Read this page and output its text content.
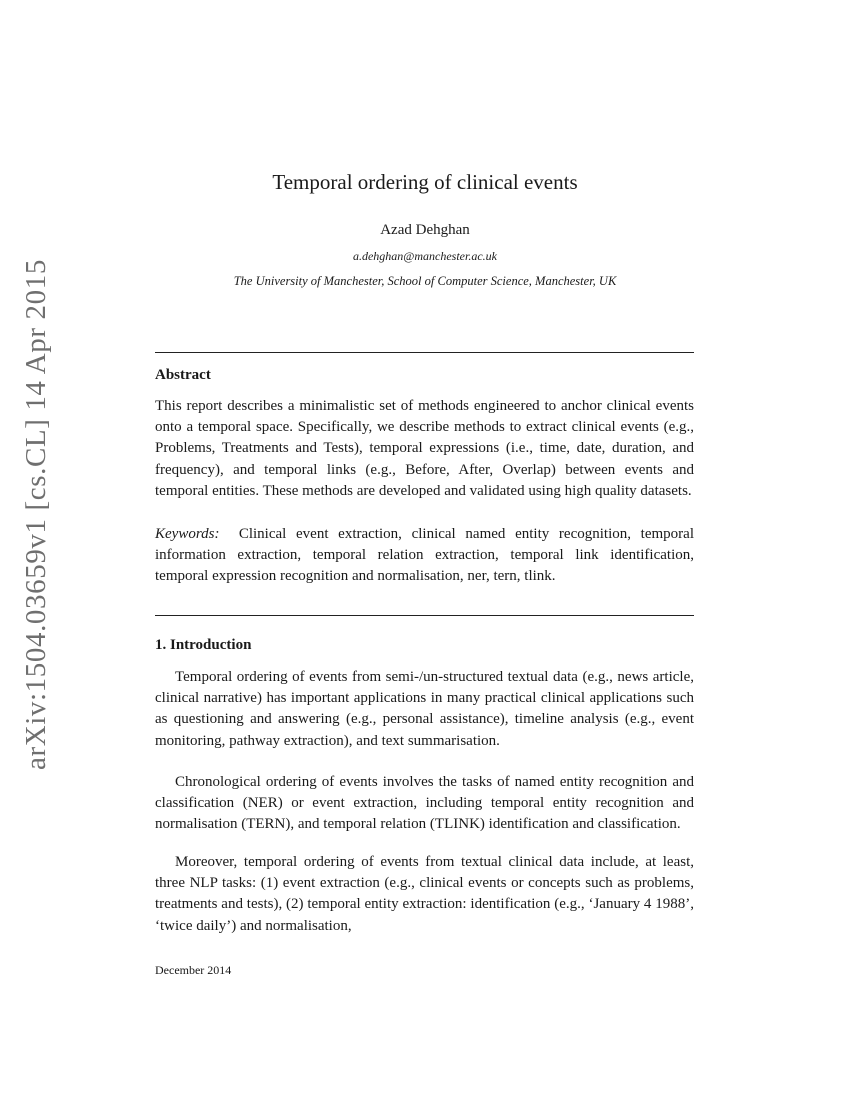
arXiv:1504.03659v1 [cs.CL] 14 Apr 2015
Temporal ordering of clinical events
Azad Dehghan
a.dehghan@manchester.ac.uk
The University of Manchester, School of Computer Science, Manchester, UK
Abstract
This report describes a minimalistic set of methods engineered to anchor clinical events onto a temporal space. Specifically, we describe methods to extract clinical events (e.g., Problems, Treatments and Tests), temporal expressions (i.e., time, date, duration, and frequency), and temporal links (e.g., Before, After, Overlap) between events and temporal entities. These methods are developed and validated using high quality datasets.
Keywords: Clinical event extraction, clinical named entity recognition, temporal information extraction, temporal relation extraction, temporal link identification, temporal expression recognition and normalisation, ner, tern, tlink.
1. Introduction
Temporal ordering of events from semi-/un-structured textual data (e.g., news article, clinical narrative) has important applications in many practical clinical applications such as questioning and answering (e.g., personal assistance), timeline analysis (e.g., event monitoring, pathway extraction), and text summarisation.
Chronological ordering of events involves the tasks of named entity recognition and classification (NER) or event extraction, including temporal entity recognition and normalisation (TERN), and temporal relation (TLINK) identification and classification.
Moreover, temporal ordering of events from textual clinical data include, at least, three NLP tasks: (1) event extraction (e.g., clinical events or concepts such as problems, treatments and tests), (2) temporal entity extraction: identification (e.g., ‘January 4 1988’, ‘twice daily’) and normalisation,
December 2014
